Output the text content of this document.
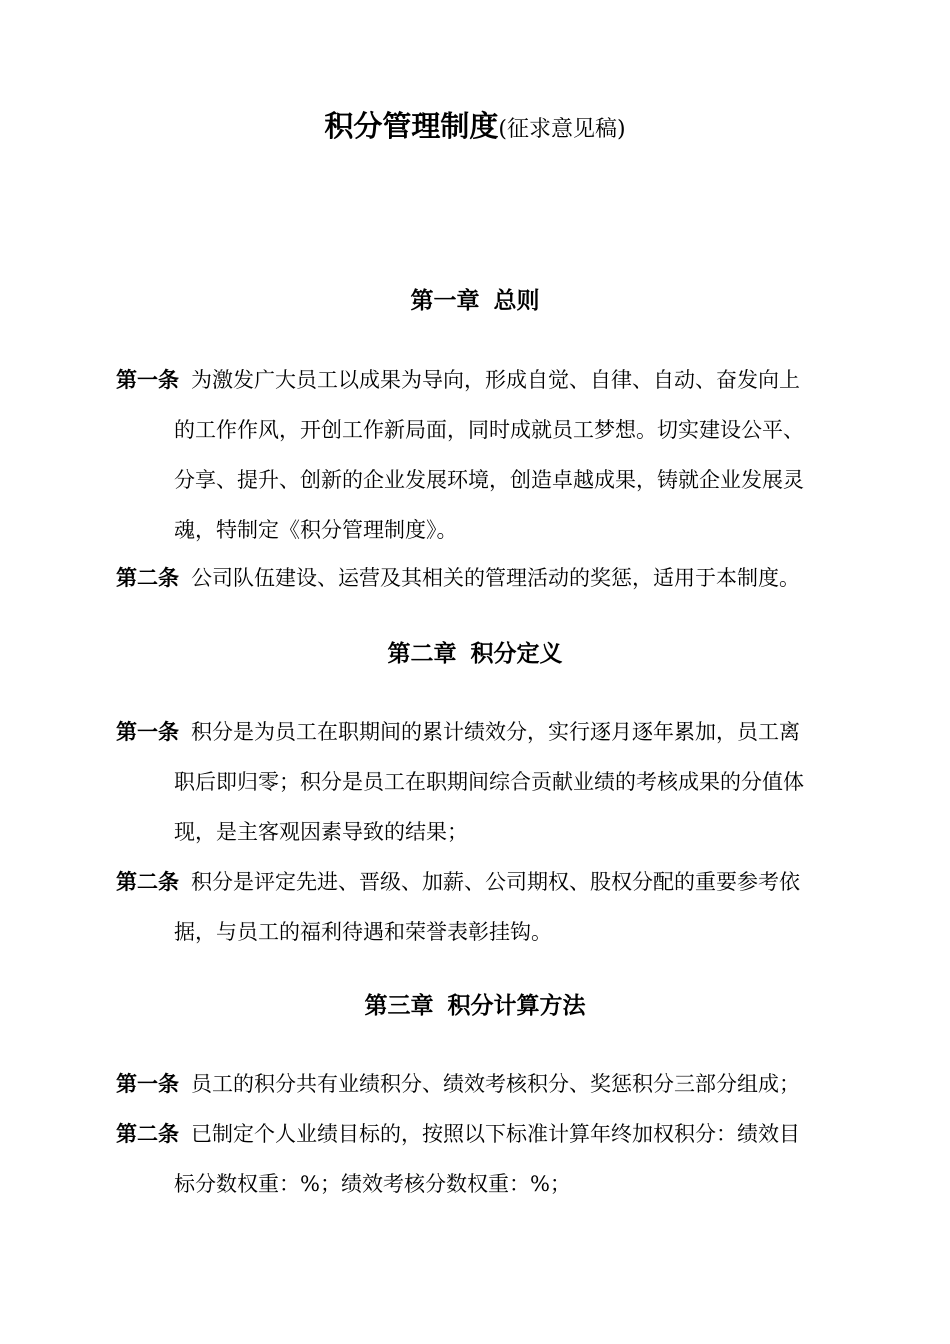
积分管理制度(征求意见稿)
第一章 总则
第一条 为激发广大员工以成果为导向，形成自觉、自律、自动、奋发向上
的工作作风，开创工作新局面，同时成就员工梦想。切实建设公平、
分享、提升、创新的企业发展环境，创造卓越成果，铸就企业发展灵
魂，特制定《积分管理制度》。
第二条 公司队伍建设、运营及其相关的管理活动的奖惩，适用于本制度。
第二章 积分定义
第一条 积分是为员工在职期间的累计绩效分，实行逐月逐年累加，员工离
职后即归零；积分是员工在职期间综合贡献业绩的考核成果的分值体
现，是主客观因素导致的结果；
第二条 积分是评定先进、晋级、加薪、公司期权、股权分配的重要参考依
据，与员工的福利待遇和荣誉表彰挂钩。
第三章 积分计算方法
第一条 员工的积分共有业绩积分、绩效考核积分、奖惩积分三部分组成；
第二条 已制定个人业绩目标的，按照以下标准计算年终加权积分：绩效目
标分数权重：%；绩效考核分数权重：%；
